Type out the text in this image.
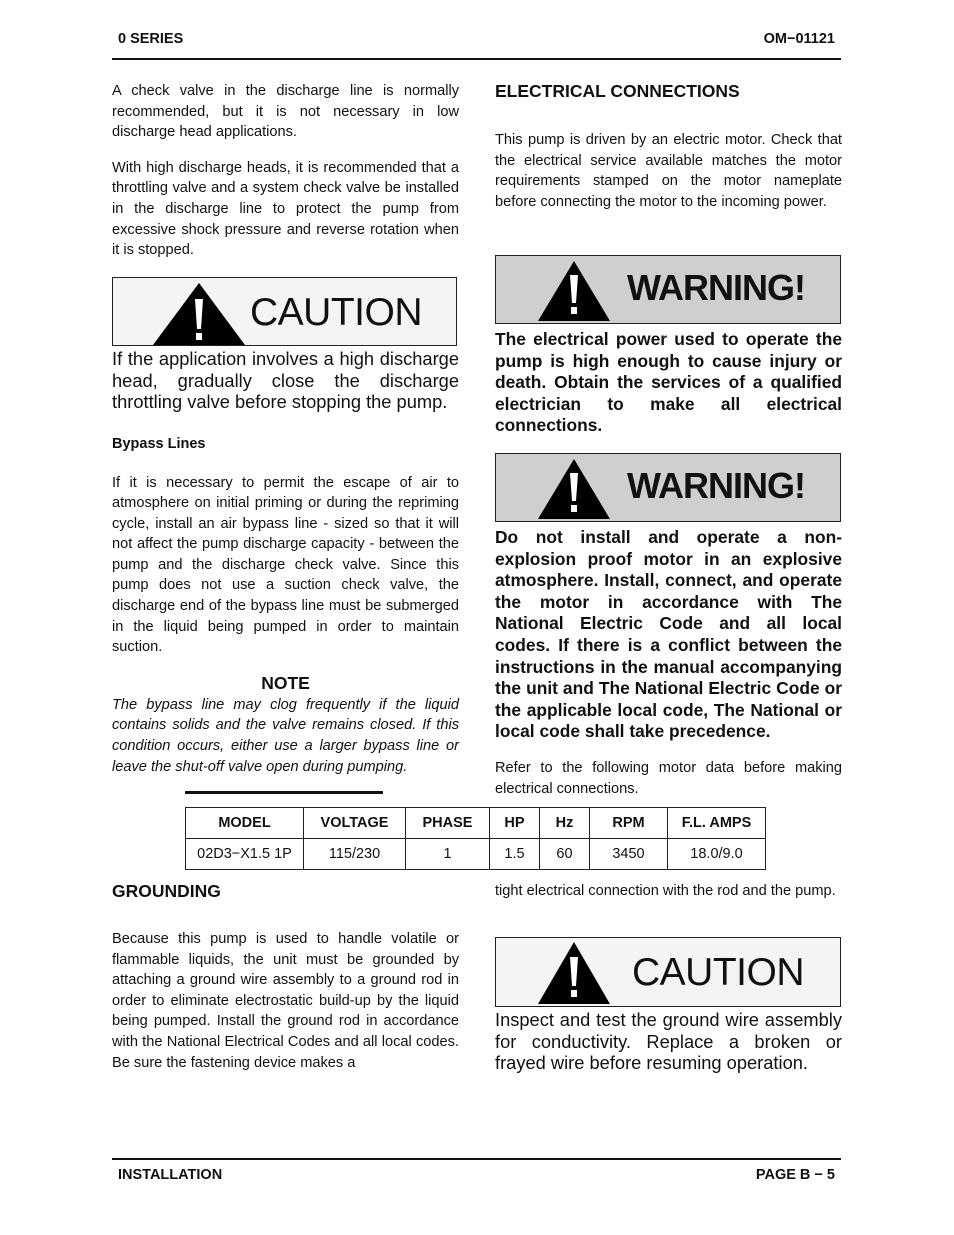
0 SERIES	OM−01121

A check valve in the discharge line is normally recommended, but it is not necessary in low discharge head applications.

With high discharge heads, it is recommended that a throttling valve and a system check valve be installed in the discharge line to protect the pump from excessive shock pressure and reverse rotation when it is stopped.

CAUTION

If the application involves a high discharge head, gradually close the discharge throttling valve before stopping the pump.

Bypass Lines

If it is necessary to permit the escape of air to atmosphere on initial priming or during the repriming cycle, install an air bypass line - sized so that it will not affect the pump discharge capacity - between the pump and the discharge check valve. Since this pump does not use a suction check valve, the discharge end of the bypass line must be submerged in the liquid being pumped in order to maintain suction.

NOTE

The bypass line may clog frequently if the liquid contains solids and the valve remains closed. If this condition occurs, either use a larger bypass line or leave the shut-off valve open during pumping.

ELECTRICAL CONNECTIONS

This pump is driven by an electric motor. Check that the electrical service available matches the motor requirements stamped on the motor nameplate before connecting the motor to the incoming power.

WARNING!

The electrical power used to operate the pump is high enough to cause injury or death. Obtain the services of a qualified electrician to make all electrical connections.

WARNING!

Do not install and operate a non-explosion proof motor in an explosive atmosphere. Install, connect, and operate the motor in accordance with The National Electric Code and all local codes. If there is a conflict between the instructions in the manual accompanying the unit and The National Electric Code or the applicable local code, The National or local code shall take precedence.

Refer to the following motor data before making electrical connections.

MODEL	VOLTAGE	PHASE	HP	Hz	RPM	F.L. AMPS
02D3−X1.5 1P	115/230	1	1.5	60	3450	18.0/9.0

GROUNDING

Because this pump is used to handle volatile or flammable liquids, the unit must be grounded by attaching a ground wire assembly to a ground rod in order to eliminate electrostatic build-up by the liquid being pumped. Install the ground rod in accordance with the National Electrical Codes and all local codes. Be sure the fastening device makes a

tight electrical connection with the rod and the pump.

CAUTION

Inspect and test the ground wire assembly for conductivity. Replace a broken or frayed wire before resuming operation.

INSTALLATION	PAGE B − 5
